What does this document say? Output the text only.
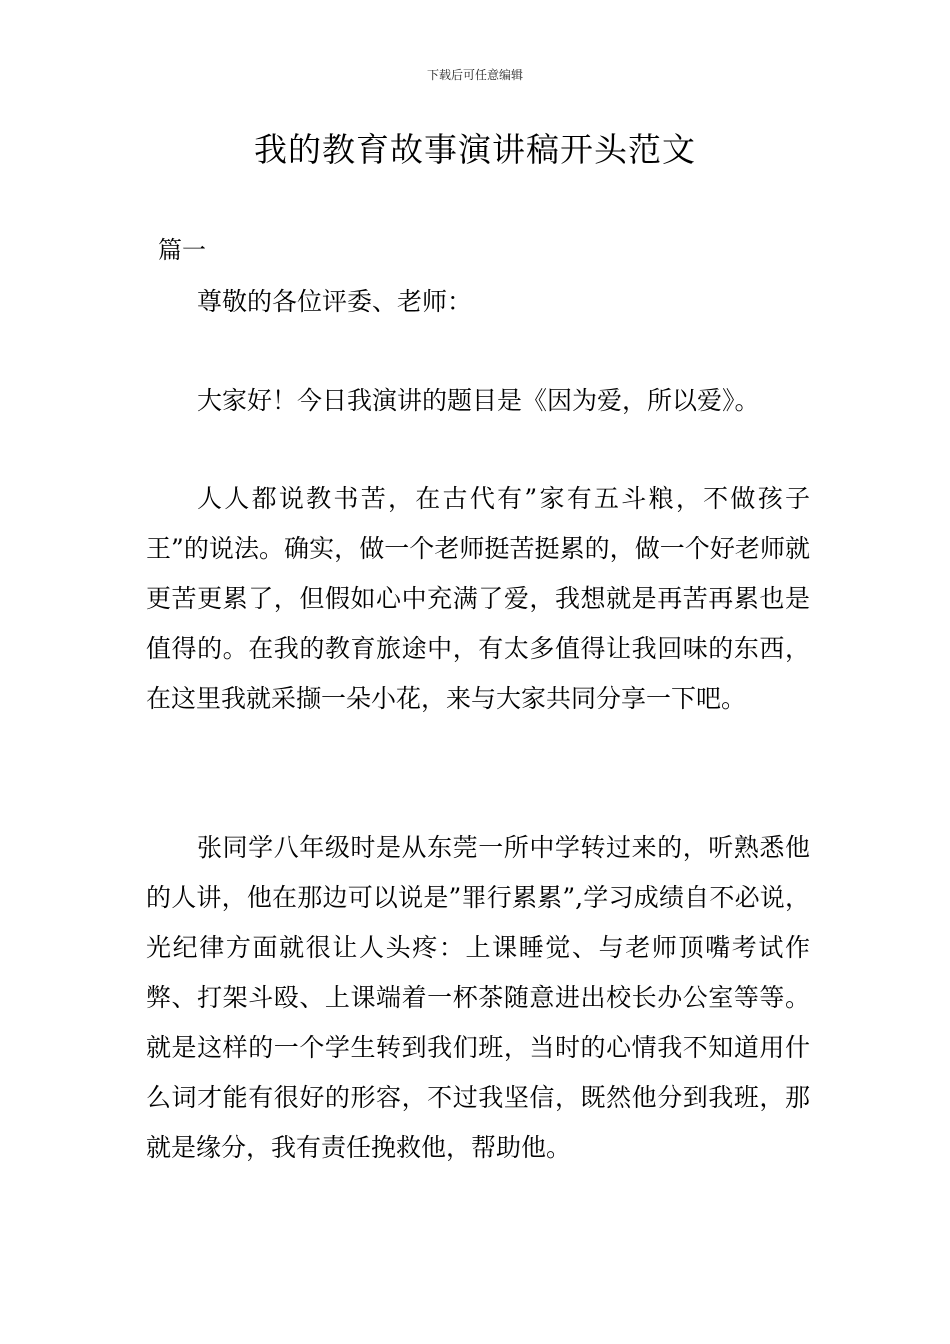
下载后可任意编辑
我的教育故事演讲稿开头范文
篇一

尊敬的各位评委、老师：

大家好！今日我演讲的题目是《因为爱，所以爱》。

人人都说教书苦，在古代有”家有五斗粮，不做孩子王”的说法。确实，做一个老师挺苦挺累的，做一个好老师就更苦更累了，但假如心中充满了爱，我想就是再苦再累也是值得的。在我的教育旅途中，有太多值得让我回味的东西，在这里我就采撷一朵小花，来与大家共同分享一下吧。

张同学八年级时是从东莞一所中学转过来的，听熟悉他的人讲，他在那边可以说是”罪行累累”,学习成绩自不必说，光纪律方面就很让人头疼：上课睡觉、与老师顶嘴考试作弊、打架斗殴、上课端着一杯茶随意进出校长办公室等等。就是这样的一个学生转到我们班，当时的心情我不知道用什么词才能有很好的形容，不过我坚信，既然他分到我班，那就是缘分，我有责任挽救他，帮助他。
